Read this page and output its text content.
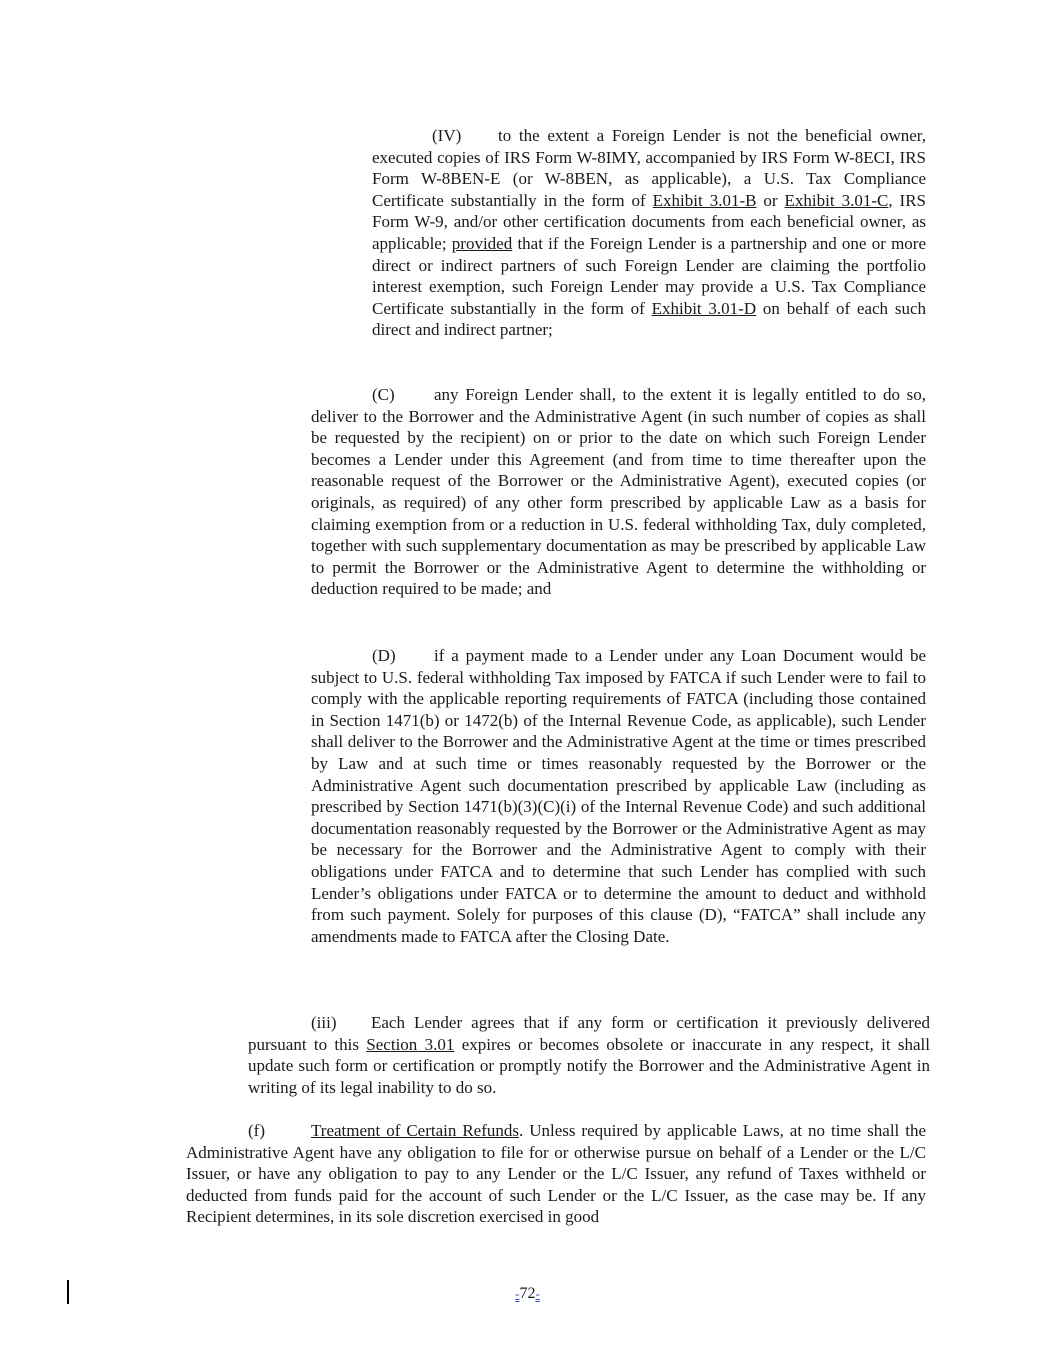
(IV) to the extent a Foreign Lender is not the beneficial owner, executed copies of IRS Form W-8IMY, accompanied by IRS Form W-8ECI, IRS Form W-8BEN-E (or W-8BEN, as applicable), a U.S. Tax Compliance Certificate substantially in the form of Exhibit 3.01-B or Exhibit 3.01-C, IRS Form W-9, and/or other certification documents from each beneficial owner, as applicable; provided that if the Foreign Lender is a partnership and one or more direct or indirect partners of such Foreign Lender are claiming the portfolio interest exemption, such Foreign Lender may provide a U.S. Tax Compliance Certificate substantially in the form of Exhibit 3.01-D on behalf of each such direct and indirect partner;

(C) any Foreign Lender shall, to the extent it is legally entitled to do so, deliver to the Borrower and the Administrative Agent (in such number of copies as shall be requested by the recipient) on or prior to the date on which such Foreign Lender becomes a Lender under this Agreement (and from time to time thereafter upon the reasonable request of the Borrower or the Administrative Agent), executed copies (or originals, as required) of any other form prescribed by applicable Law as a basis for claiming exemption from or a reduction in U.S. federal withholding Tax, duly completed, together with such supplementary documentation as may be prescribed by applicable Law to permit the Borrower or the Administrative Agent to determine the withholding or deduction required to be made; and

(D) if a payment made to a Lender under any Loan Document would be subject to U.S. federal withholding Tax imposed by FATCA if such Lender were to fail to comply with the applicable reporting requirements of FATCA (including those contained in Section 1471(b) or 1472(b) of the Internal Revenue Code, as applicable), such Lender shall deliver to the Borrower and the Administrative Agent at the time or times prescribed by Law and at such time or times reasonably requested by the Borrower or the Administrative Agent such documentation prescribed by applicable Law (including as prescribed by Section 1471(b)(3)(C)(i) of the Internal Revenue Code) and such additional documentation reasonably requested by the Borrower or the Administrative Agent as may be necessary for the Borrower and the Administrative Agent to comply with their obligations under FATCA and to determine that such Lender has complied with such Lender’s obligations under FATCA or to determine the amount to deduct and withhold from such payment. Solely for purposes of this clause (D), “FATCA” shall include any amendments made to FATCA after the Closing Date.

(iii) Each Lender agrees that if any form or certification it previously delivered pursuant to this Section 3.01 expires or becomes obsolete or inaccurate in any respect, it shall update such form or certification or promptly notify the Borrower and the Administrative Agent in writing of its legal inability to do so.

(f)	Treatment of Certain Refunds. Unless required by applicable Laws, at no time shall the Administrative Agent have any obligation to file for or otherwise pursue on behalf of a Lender or the L/C Issuer, or have any obligation to pay to any Lender or the L/C Issuer, any refund of Taxes withheld or deducted from funds paid for the account of such Lender or the L/C Issuer, as the case may be. If any Recipient determines, in its sole discretion exercised in good

-72-
